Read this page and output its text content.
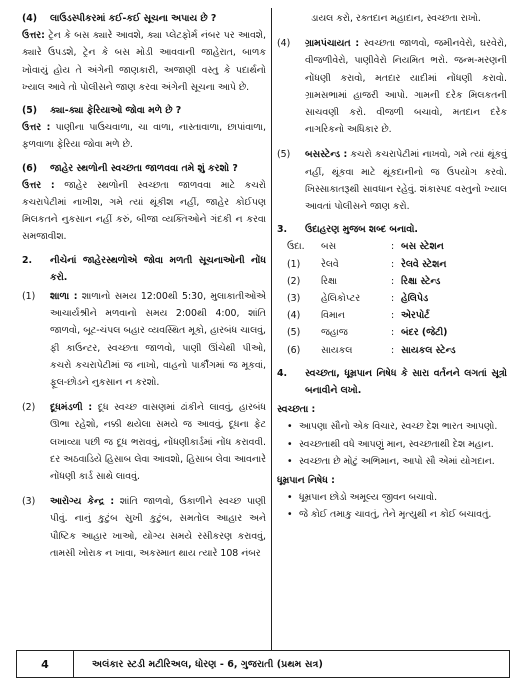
(4)	લાઉડસ્પીકરમાં કઈ-કઈ સૂચના અપાય છે ?
ઉત્તર: ટ્રેન કે બસ ક્યારે આવશે, ક્યા પ્લેટફોર્મ નંબર પર આવશે, ક્યારે ઉપડશે, ટ્રેન કે બસ મોડી આવવાની જાહેરાત, બાળક ખોવાયું હોય તે અંગેની જાણકારી, અજાણી વસ્તુ કે પદાર્થનો ખ્યાલ આવે તો પોલીસને જાણ કરવા અંગેની સૂચના આપે છે.
(5)	ક્યા-ક્યા ફેરિયાઓ જોવા મળે છે ?
ઉત્તર : પાણીના પાઉચવાળા, ચા વાળા, નાસ્તાવાળા, છાપાંવાળા, ફળવાળા ફેરિયા જોવા મળે છે.
(6)	જાહેર સ્થળોની સ્વચ્છતા જાળવવા તમે શું કરશો ?
ઉત્તર : જાહેર સ્થળોની સ્વચ્છતા જાળવવા માટે કચરો કચરાપેટીમાં નાખીશ, ગમે ત્યાં થૂંકીશ નહીં, જાહેર કોઈપણ મિલકતને નુકસાન નહીં કરું, બીજા વ્યક્તિઓને ગંદકી ન કરવા સમજાવીશ.
2.	નીચેનાં જાહેરસ્થળોએ જોવા મળતી સૂચનાઓની નોંધ કરો.
(1)	શાળા : શાળાનો સમય 12:00થી 5:30, મુલાકાતીઓએ આચાર્યશ્રીને મળવાનો સમય 2:00થી 4:00, શાંતિ જાળવો, બૂટ-ચંપલ બહાર વ્યવસ્થિત મૂકો, હારબંધ ચાલવું, ફી કાઉન્ટર, સ્વચ્છતા જાળવો, પાણી ઊંચેથી પીઓ, કચરો કચરાપેટીમાં જ નાખો, વાહનો પાર્કીંગમાં જ મૂકવાં, ફૂલ-છોડને નુકસાન ન કરશો.
(2)	દૂધમંડળી : દૂધ સ્વચ્છ વાસણમાં ઢાંકીને લાવવું, હારબંધ ઊભા રહેશો, નક્કી થયેલા સમયે જ આવવું, દૂધના ફેટ લખાવ્યા પછી જ દૂધ ભરાવવું, નોંધણીકાર્ડમાં નોંધ કરાવવી. દર અઠવાડિયે હિસાબ લેવા આવશો, હિસાબ લેવા આવનારે નોંધણી કાર્ડ સાથે લાવવું.
(3)	આરોગ્ય કેન્દ્ર : શાંતિ જાળવો, ઉકાળીને સ્વચ્છ પાણી પીવું. નાનું કુટુંબ સુખી કુટુંબ, સમતોલ આહાર અને પૌષ્ટિક આહાર ખાઓ, યોગ્ય સમયે રસીકરણ કરાવવું, તામસી ખોરાક ન ખાવા, અકસ્માત થાય ત્યારે 108 નંબર
ડાયલ કરો, રક્તદાન મહાદાન, સ્વચ્છતા રાખો.
(4)	ગ્રામપંચાયત : સ્વચ્છતા જાળવો, જમીનવેરો, ઘરવેરો, વીજળીવેરો, પાણીવેરો નિયમિત ભરો. જન્મ-મરણની નોંધણી કરાવો, મતદાર યાદીમાં નોંધણી કરાવો. ગ્રામસભામાં હાજરી આપો. ગામની દરેક મિલકતની સાચવણી કરો. વીજળી બચાવો, મતદાન દરેક નાગરિકનો અધિકાર છે.
(5)	બસસ્ટેન્ડ : કચરો કચરાપેટીમાં નાખવો, ગમે ત્યાં થૂંકવું નહીં, થૂંકવા માટે થૂંકદાનીનો જ ઉપયોગ કરવો. ખિસ્સાકાતરૂથી સાવધાન રહેવું. શંકાસ્પદ વસ્તુનો ખ્યાલ આવતાં પોલીસને જાણ કરો.
3.	ઉદાહરણ મુજબ શબ્દ બનાવો.
ઉદા.	બસ	: બસ સ્ટેશન
(1)	રેલવે	: રેલવે સ્ટેશન
(2)	રિક્ષા	: રિક્ષા સ્ટેન્ડ
(3)	હેલિકોપ્ટર	: હેલિપેડ
(4)	વિમાન	: એરપોર્ટ
(5)	જહાજ	: બંદર (જેટી)
(6)	સાયકલ	: સાયકલ સ્ટેન્ડ
4.	સ્વચ્છતા, ધૂમ્રપાન નિષેધ કે સારા વર્તનને લગતાં સૂત્રો બનાવીને લખો.
સ્વચ્છતા :
• આપણા સૌનો એક વિચાર, સ્વચ્છ દેશ ભારત આપણો.
• સ્વચ્છતાથી વધે આપણું માન, સ્વચ્છતાથી દેશ મહાન.
• સ્વચ્છતા છે મોટું અભિમાન, આપો સૌ એમાં યોગદાન.
ધૂમ્રપાન નિષેધ :
• ધૂમ્રપાન છોડો અમૂલ્ય જીવન બચાવો.
• જે કોઈ તમાકુ ચાવતું, તેને મૃત્યુથી ન કોઈ બચાવતું.
4	અલંકાર સ્ટડી મટીરિઅલ, ધોરણ - 6, ગુજરાતી (પ્રથમ સત્ર)
